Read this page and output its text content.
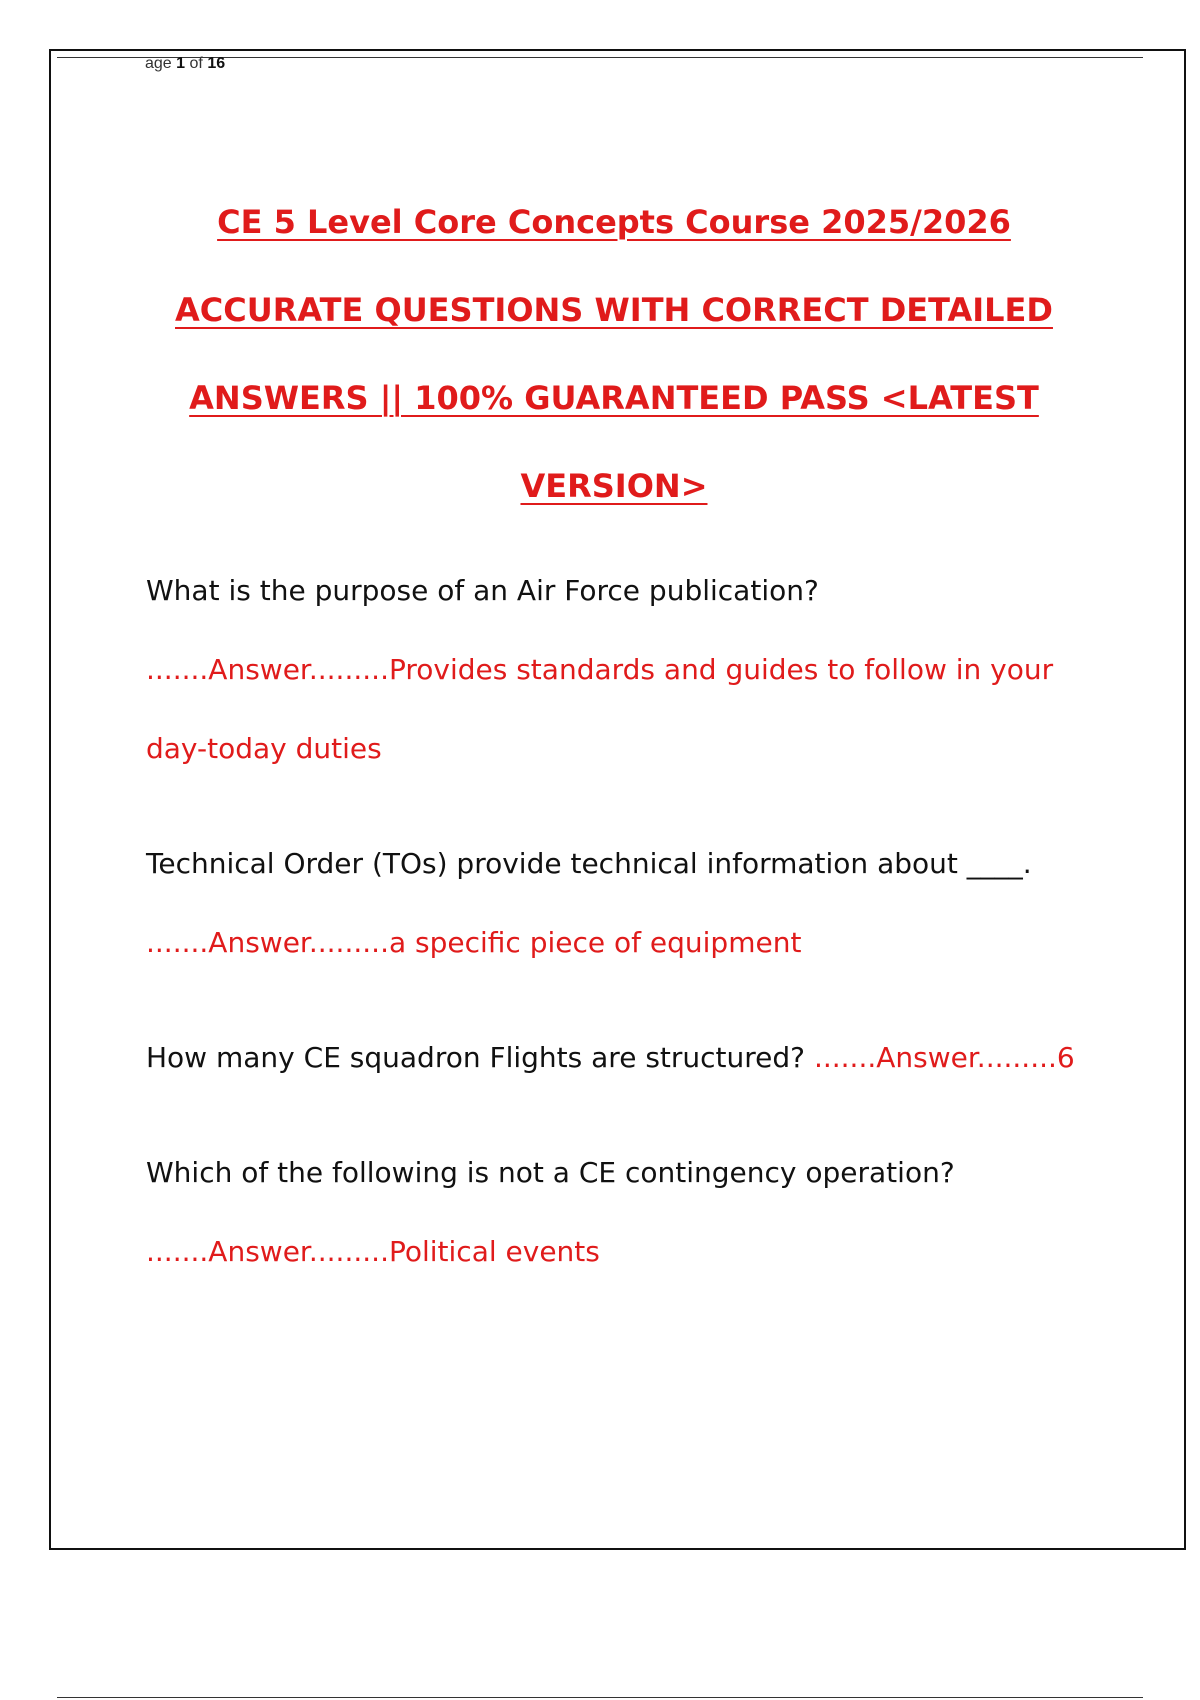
age 1 of 16
CE 5 Level Core Concepts Course 2025/2026
ACCURATE QUESTIONS WITH CORRECT DETAILED
ANSWERS || 100% GUARANTEED PASS <LATEST
VERSION>
What is the purpose of an Air Force publication?
.......Answer.........Provides standards and guides to follow in your day-today duties
Technical Order (TOs) provide technical information about ____.
.......Answer.........a specific piece of equipment
How many CE squadron Flights are structured? .......Answer.........6
Which of the following is not a CE contingency operation?
.......Answer.........Political events
